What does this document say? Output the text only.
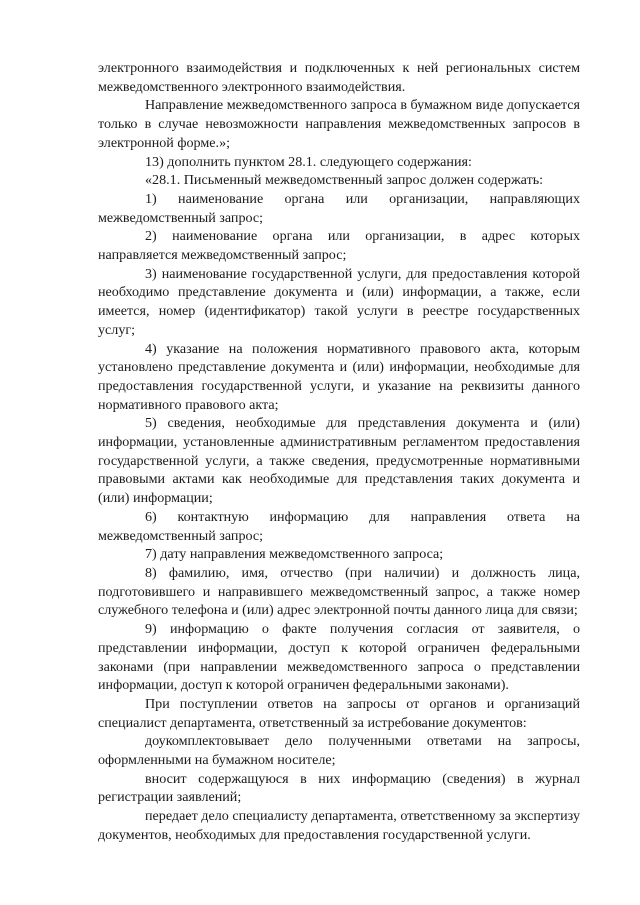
электронного взаимодействия и подключенных к ней региональных систем межведомственного электронного взаимодействия.

Направление межведомственного запроса в бумажном виде допускается только в случае невозможности направления межведомственных запросов в электронной форме.»;

13) дополнить пунктом 28.1. следующего содержания:

«28.1. Письменный межведомственный запрос должен содержать:

1) наименование органа или организации, направляющих межведомственный запрос;

2) наименование органа или организации, в адрес которых направляется межведомственный запрос;

3) наименование государственной услуги, для предоставления которой необходимо представление документа и (или) информации, а также, если имеется, номер (идентификатор) такой услуги в реестре государственных услуг;

4) указание на положения нормативного правового акта, которым установлено представление документа и (или) информации, необходимые для предоставления государственной услуги, и указание на реквизиты данного нормативного правового акта;

5) сведения, необходимые для представления документа и (или) информации, установленные административным регламентом предоставления государственной услуги, а также сведения, предусмотренные нормативными правовыми актами как необходимые для представления таких документа и (или) информации;

6) контактную информацию для направления ответа на межведомственный запрос;

7) дату направления межведомственного запроса;

8) фамилию, имя, отчество (при наличии) и должность лица, подготовившего и направившего межведомственный запрос, а также номер служебного телефона и (или) адрес электронной почты данного лица для связи;

9) информацию о факте получения согласия от заявителя, о представлении информации, доступ к которой ограничен федеральными законами (при направлении межведомственного запроса о представлении информации, доступ к которой ограничен федеральными законами).

При поступлении ответов на запросы от органов и организаций специалист департамента, ответственный за истребование документов:

доукомплектовывает дело полученными ответами на запросы, оформленными на бумажном носителе;

вносит содержащуюся в них информацию (сведения) в журнал регистрации заявлений;

передает дело специалисту департамента, ответственному за экспертизу документов, необходимых для предоставления государственной услуги.
